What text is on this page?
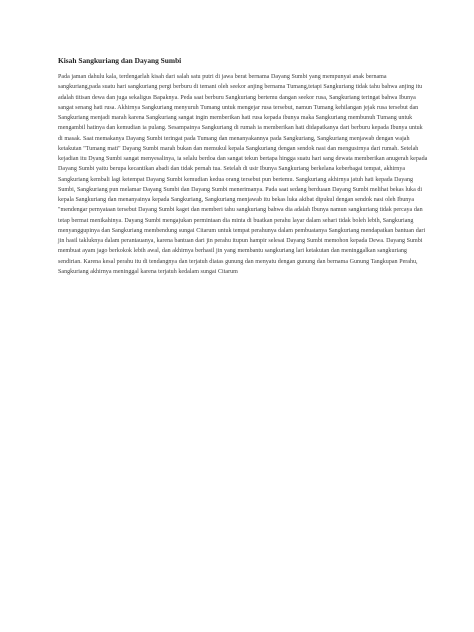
Kisah Sangkuriang dan Dayang Sumbi

Pada jaman dahulu kala, terdengarlah kisah dari salah satu putri di jawa berat bernama Dayang Sumbi yang mempunyai anak bernama sangkuriang,pada suatu hari sangkuriang pergi berburu di temani oleh seekor anjing bernama Tumang,tetapi Sangkuriang tidak tahu bahwa anjing itu adalah titisan dewa dan juga sekaligus Bapaknya. Peda saat berburu Sangkuriang bertemu dangan seekor rusa, Sangkuriang teringat bahwa Ibunya sangat senang hati rusa. Akhirnya Sangkuriang menyuruh Tumang untuk mengejar rusa tersebut, namun Tumang kehilangan jejak rusa tersebut dan Sangkuriang menjadi marah karena Sangkuriang sangat ingin memberikan hati rusa kepada ibunya maka Sangkuriang membunuh Tumang untuk mengambil hatinya dan kemudian ia pulang. Sesampainya Sangkuriang di rumah ia memberikan hati didapatkanya dari berburu kepada Ibunya untuk di masak. Saat memakanya Dayang Sumbi teringat pada Tumang dan menanyakannya pada Sangkuriang, Sangkuriang menjawab dengan wajah ketakutan "Tumang mati" Dayang Sumbi marah bukan dan memukul kepala Sangkuriang dengan sendok nasi dan mengusirnya dari rumah. Setelah kejadian itu Dyang Sumbi sangat menyesalinya, ia selalu berdoa dan sangat tekun bertapa hingga suatu hari sang dewata memberikan anugerah kepada Dayang Sumbi yaitu berupa kecantikan abadi dan tidak pernah tua. Setelah di usir Ibunya Sangkuriang berkelana keberbagai tempat, akhirnya Sangkuriang kembali lagi ketempat Dayang Sumbi kemudian kedua orang tersebut pun bertemu. Sangkuriang akhirnya jatuh hati kepada Dayang Sumbi, Sangkuriang pun melamar Dayang Sumbi dan Dayang Sumbi menerimanya. Pada saat sedang berduaan Dayang Sumbi melihat bekas luka di kepala Sangkuriang dan menanyainya kepada Sangkuriang, Sangkuriang menjawab itu bekas luka akibat dipukul dengan sendok nasi oleh Ibunya "mendengar pernyataan tersebut Dayang Sumbi kaget dan memberi tahu sangkuriang bahwa dia adalah Ibunya namun sangkuriang tidak percaya dan tetap bermat menikahinya. Dayang Sumbi mengajukan permintaan dia minta di buatkan perahu layar dalam sehari tidak boleh lebih, Sangkuriang menyanggupinya dan Sangkuriang membendung sungai Citarum untuk tempat perahunya dalam pembuatanya Sangkuriang mendapatkan bantuan dari jin hasil takluknya dalam perantauanya, karena bantuan dari jin perahu itupun hampir selesai Dayang Sumbi memohon kepada Dewa. Dayang Sumbi membuat ayam jago berkokok lebih awal, dan akhirnya berhasil jin yang membantu sangkuriang lari ketakutan dan meninggalkan sangkuriang sendirian. Karena kesal perahu itu di tendangnya dan terjatuh diatas gunung dan menyatu dengan gunung dan bernama Gunung Tangkupan Perahu, Sangkuriang akhirnya meninggal karena terjatuh kedalam sungai Citarum
